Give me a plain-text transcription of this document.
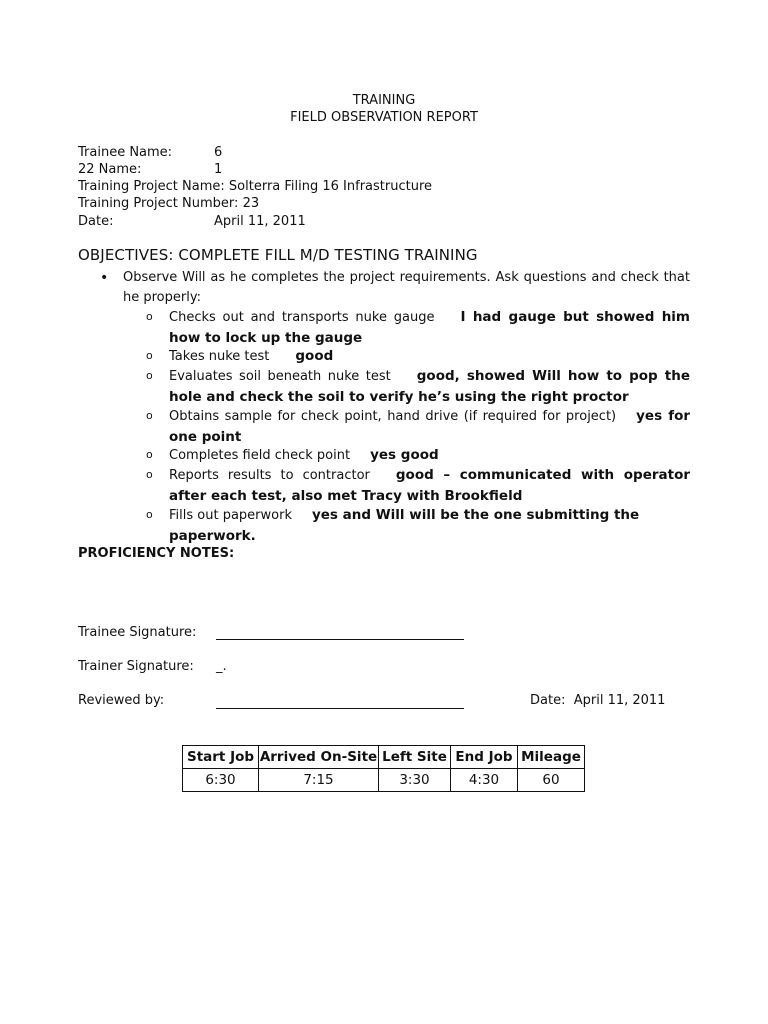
TRAINING
FIELD OBSERVATION REPORT
Trainee Name:	6
22 Name:	1
Training Project Name: Solterra Filing 16 Infrastructure
Training Project Number: 23
Date:	April 11, 2011
OBJECTIVES: COMPLETE FILL M/D TESTING TRAINING
• Observe Will as he completes the project requirements. Ask questions and check that he properly:
o Checks out and transports nuke gauge I had gauge but showed him how to lock up the gauge
o Takes nuke test good
o Evaluates soil beneath nuke test good, showed Will how to pop the hole and check the soil to verify he’s using the right proctor
o Obtains sample for check point, hand drive (if required for project) yes for one point
o Completes field check point yes good
o Reports results to contractor good – communicated with operator after each test, also met Tracy with Brookfield
o Fills out paperwork yes and Will will be the one submitting the paperwork.
PROFICIENCY NOTES:
Trainee Signature:
Trainer Signature: _.
Reviewed by:	Date: April 11, 2011
Start Job	Arrived On-Site	Left Site	End Job	Mileage
6:30	7:15	3:30	4:30	60
